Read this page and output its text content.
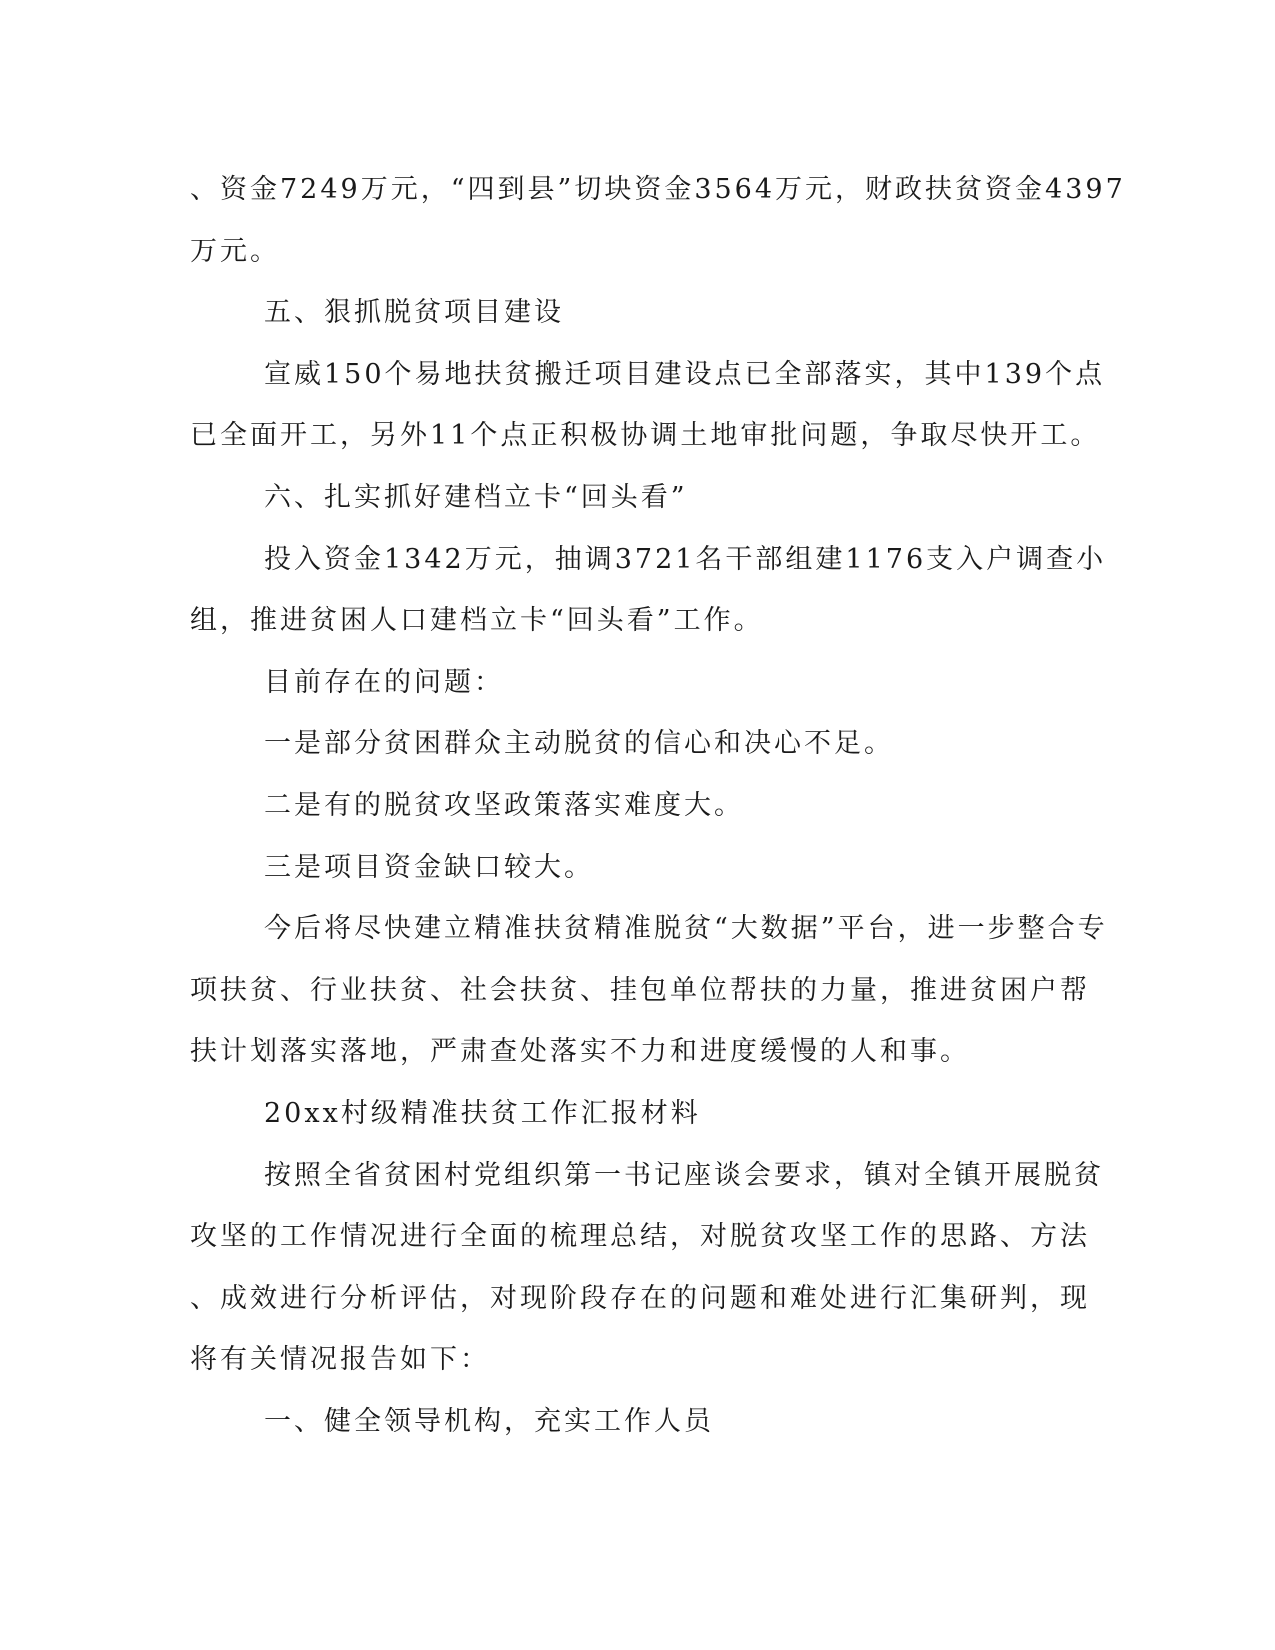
、资金7249万元，“四到县”切块资金3564万元，财政扶贫资金4397
万元。
五、狠抓脱贫项目建设
宣威150个易地扶贫搬迁项目建设点已全部落实，其中139个点
已全面开工，另外11个点正积极协调土地审批问题，争取尽快开工。
六、扎实抓好建档立卡“回头看”
投入资金1342万元，抽调3721名干部组建1176支入户调查小
组，推进贫困人口建档立卡“回头看”工作。
目前存在的问题：
一是部分贫困群众主动脱贫的信心和决心不足。
二是有的脱贫攻坚政策落实难度大。
三是项目资金缺口较大。
今后将尽快建立精准扶贫精准脱贫“大数据”平台，进一步整合专
项扶贫、行业扶贫、社会扶贫、挂包单位帮扶的力量，推进贫困户帮
扶计划落实落地，严肃查处落实不力和进度缓慢的人和事。
20xx村级精准扶贫工作汇报材料
按照全省贫困村党组织第一书记座谈会要求，镇对全镇开展脱贫
攻坚的工作情况进行全面的梳理总结，对脱贫攻坚工作的思路、方法
、成效进行分析评估，对现阶段存在的问题和难处进行汇集研判，现
将有关情况报告如下：
一、健全领导机构，充实工作人员
